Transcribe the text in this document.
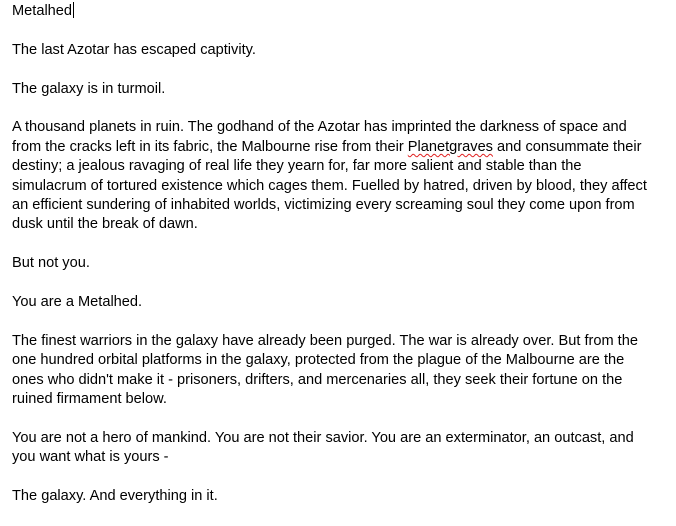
Metalhed

The last Azotar has escaped captivity.

The galaxy is in turmoil.

A thousand planets in ruin. The godhand of the Azotar has imprinted the darkness of space and from the cracks left in its fabric, the Malbourne rise from their Planetgraves and consummate their destiny; a jealous ravaging of real life they yearn for, far more salient and stable than the simulacrum of tortured existence which cages them. Fuelled by hatred, driven by blood, they affect an efficient sundering of inhabited worlds, victimizing every screaming soul they come upon from dusk until the break of dawn.

But not you.

You are a Metalhed.

The finest warriors in the galaxy have already been purged. The war is already over. But from the one hundred orbital platforms in the galaxy, protected from the plague of the Malbourne are the ones who didn't make it - prisoners, drifters, and mercenaries all, they seek their fortune on the ruined firmament below.

You are not a hero of mankind. You are not their savior. You are an exterminator, an outcast, and you want what is yours -

The galaxy. And everything in it.
